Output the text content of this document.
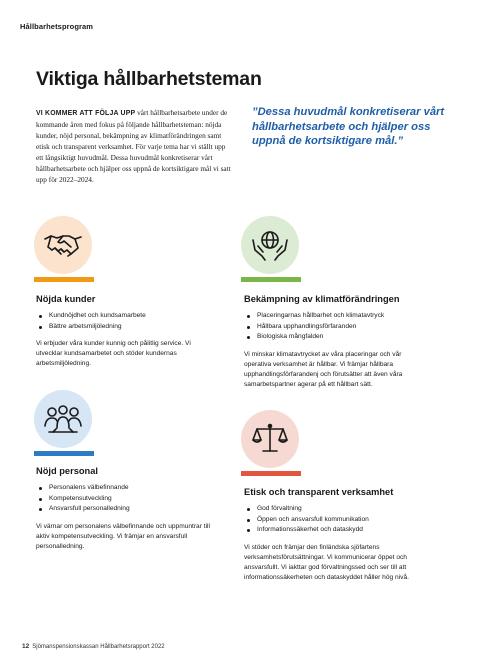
Hållbarhetsprogram
Viktiga hållbarhetsteman
VI KOMMER ATT FÖLJA UPP vårt hållbarhetsarbete under de kommande åren med fokus på följande hållbarhetsteman: nöjda kunder, nöjd personal, bekämpning av klimatförändringen samt etisk och transparent verksamhet. För varje tema har vi ställt upp ett långsiktigt huvudmål. Dessa huvudmål konkretiserar vårt hållbarhetsarbete och hjälper oss uppnå de kortsiktigare mål vi satt upp för 2022–2024.
”Dessa huvudmål konkretiserar vårt hållbarhetsarbete och hjälper oss uppnå de kortsiktigare mål.”
Nöjda kunder
Kundnöjdhet och kundsamarbete
Bättre arbetsmiljöledning
Vi erbjuder våra kunder kunnig och pålitlig service. Vi utvecklar kundsamarbetet och stöder kundernas arbetsmiljöledning.
Bekämpning av klimatförändringen
Placeringarnas hållbarhet och klimatavtryck
Hållbara upphandlingsförfaranden
Biologiska mångfalden
Vi minskar klimatavtrycket av våra placeringar och vår operativa verksamhet är hållbar. Vi främjar hållbara upphandlingsförfarandenj och förutsätter att även våra samarbetspartner agerar på ett hållbart sätt.
Nöjd personal
Personalens välbefinnande
Kompetensutveckling
Ansvarsfull personalledning
Vi värnar om personalens välbefinnande och uppmuntrar till aktiv kompetensutveckling. Vi främjar en ansvarsfull personalledning.
Etisk och transparent verksamhet
God förvaltning
Öppen och ansvarsfull kommunikation
Informationssäkerhet och dataskydd
Vi stöder och främjar den finländska sjöfartens verksamhetsförutsättningar. Vi kommunicerar öppet och ansvarsfullt. Vi iakttar god förvaltningssed och ser till att informationssäkerheten och dataskyddet håller hög nivå.
12 Sjömanspensionskassan Hållbarhetsrapport 2022
